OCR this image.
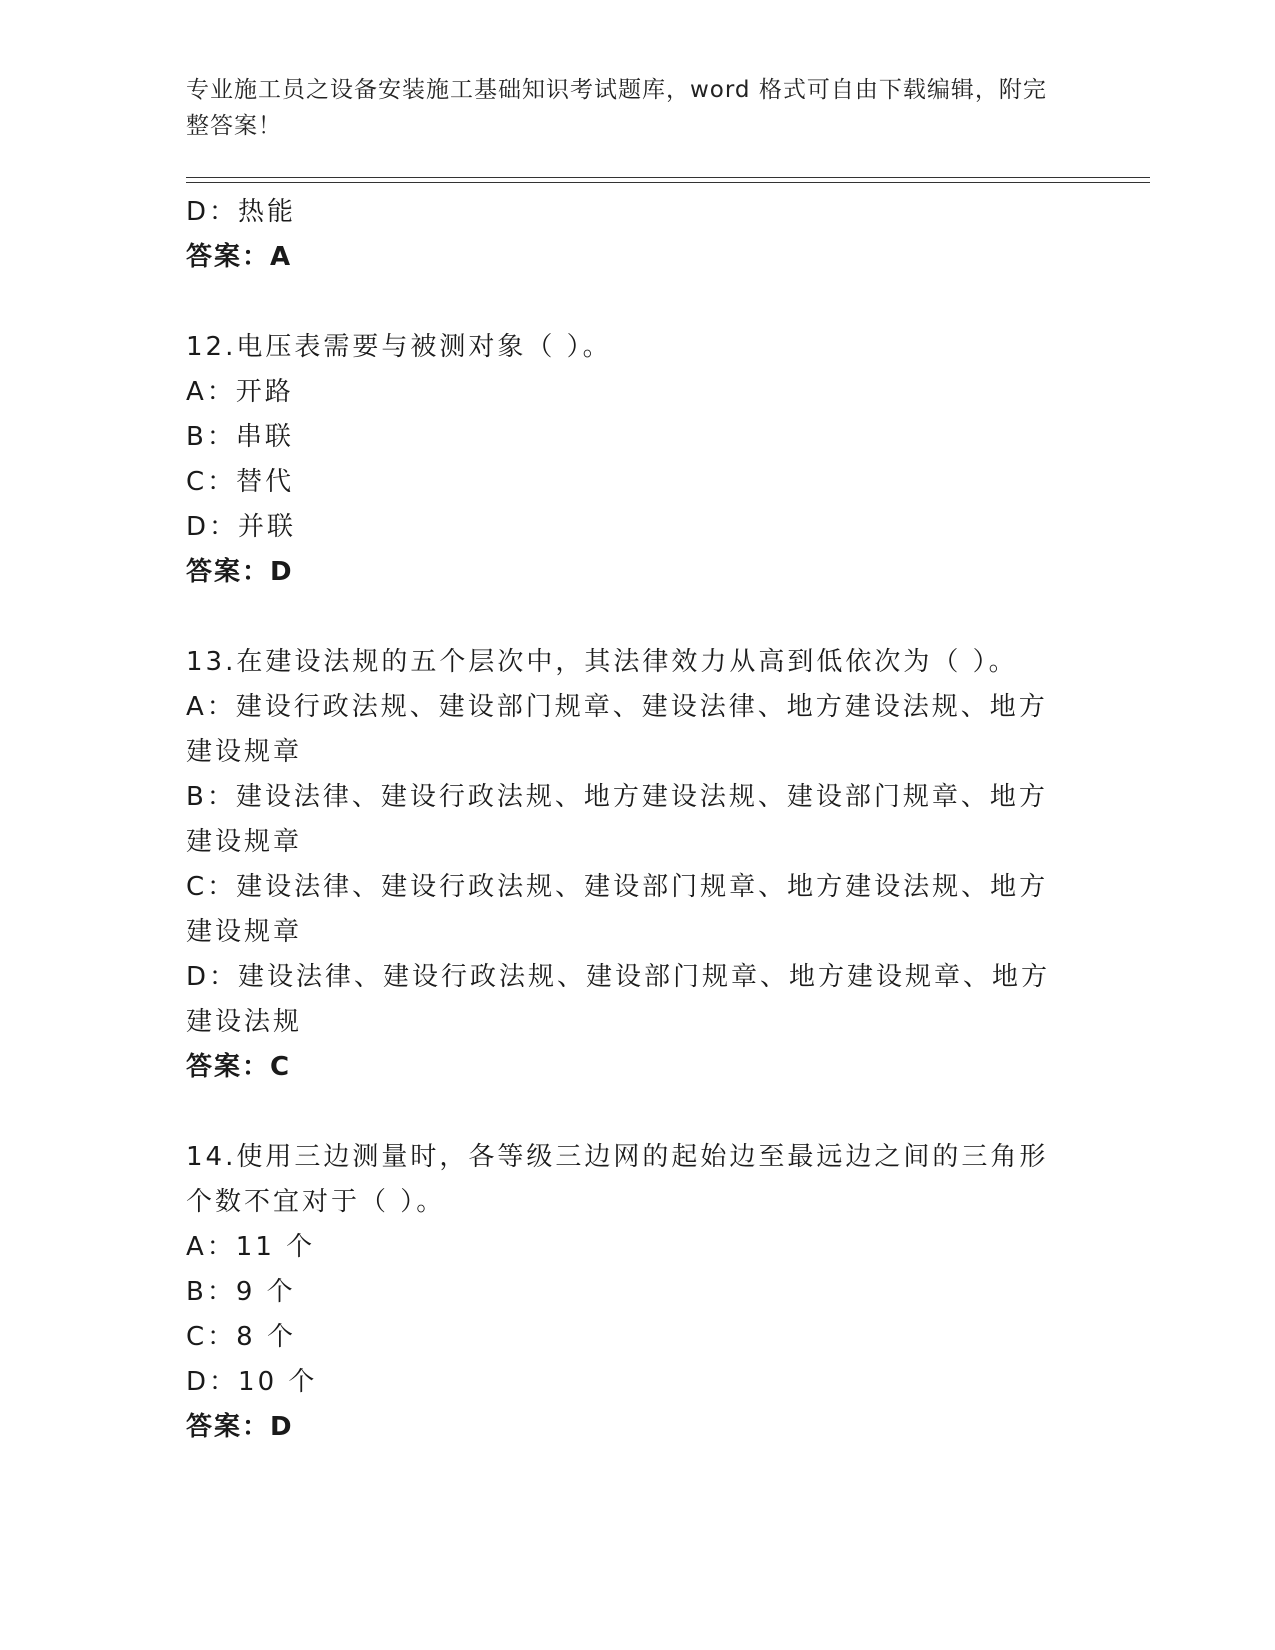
专业施工员之设备安装施工基础知识考试题库，word 格式可自由下载编辑，附完整答案！
D：热能
答案：A
12.电压表需要与被测对象（ ）。
A：开路
B：串联
C：替代
D：并联
答案：D
13.在建设法规的五个层次中，其法律效力从高到低依次为（ ）。
A：建设行政法规、建设部门规章、建设法律、地方建设法规、地方建设规章
B：建设法律、建设行政法规、地方建设法规、建设部门规章、地方建设规章
C：建设法律、建设行政法规、建设部门规章、地方建设法规、地方建设规章
D：建设法律、建设行政法规、建设部门规章、地方建设规章、地方建设法规
答案：C
14.使用三边测量时，各等级三边网的起始边至最远边之间的三角形个数不宜对于（ ）。
A：11 个
B：9 个
C：8 个
D：10 个
答案：D
